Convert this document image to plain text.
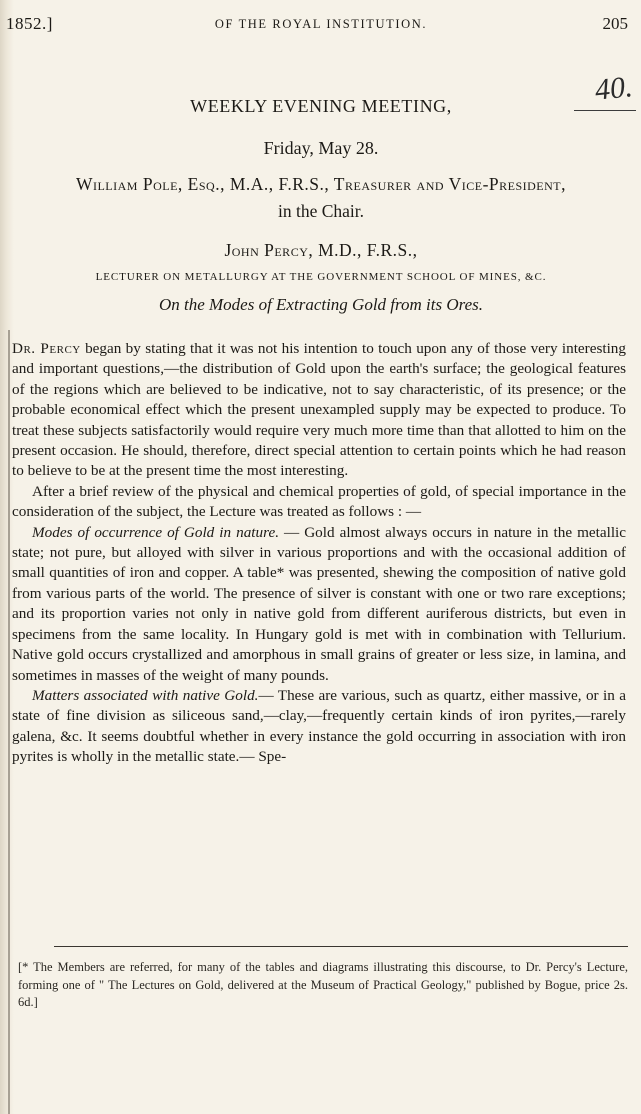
1852.]	OF THE ROYAL INSTITUTION.	205
40.
WEEKLY EVENING MEETING,
Friday, May 28.
William Pole, Esq., M.A., F.R.S., Treasurer and Vice-President,
in the Chair.
John Percy, M.D., F.R.S.,
LECTURER ON METALLURGY AT THE GOVERNMENT SCHOOL OF MINES, &C.
On the Modes of Extracting Gold from its Ores.

Dr. Percy began by stating that it was not his intention to touch upon any of those very interesting and important questions,—the distribution of Gold upon the earth's surface; the geological features of the regions which are believed to be indicative, not to say characteristic, of its presence; or the probable economical effect which the present unexampled supply may be expected to produce. To treat these subjects satisfactorily would require very much more time than that allotted to him on the present occasion. He should, therefore, direct special attention to certain points which he had reason to believe to be at the present time the most interesting.

After a brief review of the physical and chemical properties of gold, of special importance in the consideration of the subject, the Lecture was treated as follows : —

Modes of occurrence of Gold in nature. — Gold almost always occurs in nature in the metallic state; not pure, but alloyed with silver in various proportions and with the occasional addition of small quantities of iron and copper. A table* was presented, shewing the composition of native gold from various parts of the world. The presence of silver is constant with one or two rare exceptions; and its proportion varies not only in native gold from different auriferous districts, but even in specimens from the same locality. In Hungary gold is met with in combination with Tellurium. Native gold occurs crystallized and amorphous in small grains of greater or less size, in lamina, and sometimes in masses of the weight of many pounds.

Matters associated with native Gold.— These are various, such as quartz, either massive, or in a state of fine division as siliceous sand,—clay,—frequently certain kinds of iron pyrites,—rarely galena, &c. It seems doubtful whether in every instance the gold occurring in association with iron pyrites is wholly in the metallic state.— Spe-

[* The Members are referred, for many of the tables and diagrams illustrating this discourse, to Dr. Percy's Lecture, forming one of " The Lectures on Gold, delivered at the Museum of Practical Geology," published by Bogue, price 2s. 6d.]
